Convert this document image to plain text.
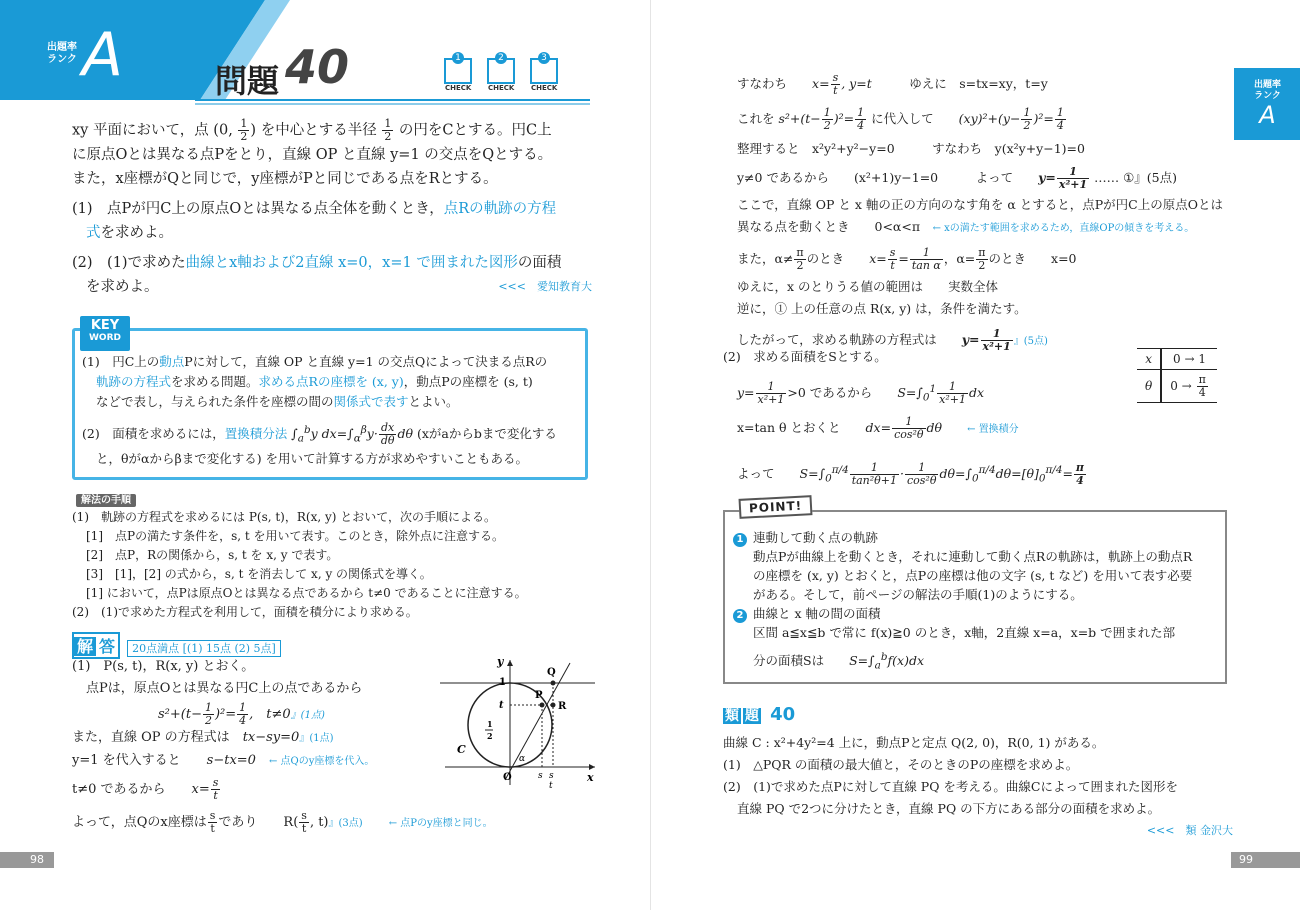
出題率
ランク A	問題 40	1
CHECK
2
CHECK
3
CHECK
xy 平面において，点 (0, $\frac{1}{2}$ ) を中心とする半径 $\frac{1}{2}$ の円をCとする。円C上
に原点Oとは異なる点Pをとり，直線 OP と直線 y=1 の交点をQとする。
また，x座標がQと同じで，y座標がPと同じである点をRとする。
(1)　点Pが円C上の原点Oとは異なる点全体を動くとき，点Rの軌跡の方程
式を求めよ。
(2)　(1)で求めた曲線とx軸および2直線 x=0，x=1 で囲まれた図形の面積
を求めよ。	<<<　愛知教育大
KEY
WORD
(1)　円C上の動点Pに対して，直線 OP と直線 y=1 の交点Qによって決まる点Rの
軌跡の方程式を求める問題。求める点Rの座標を (x, y)，動点Pの座標を (s, t)
などで表し，与えられた条件を座標の間の関係式で表すとよい。
(2)　面積を求めるには，置換積分法 $\int_a^by$ $dx=\int_\alpha^\beta y\cdot \frac{dx}{d\theta}$ dθ (xがaからbまで変化する
と，θがαからβまで変化する) を用いて計算する方が求めやすいこともある。
解法の手順
(1)　軌跡の方程式を求めるには P(s, t)，R(x, y) とおいて，次の手順による。
[1]　点Pの満たす条件を，s, t を用いて表す。このとき，除外点に注意する。
[2]　点P，Rの関係から，s, t を x, y で表す。
[3]　[1]，[2] の式から，s, t を消去して x, y の関係式を導く。
[1] において，点Pは原点Oとは異なる点であるから t≠0 であることに注意する。
(2)　(1)で求めた方程式を利用して，面積を積分により求める。
解 答 20点満点 [(1) 15点 (2) 5点]
(1)　P(s, t)，R(x, y) とおく。
点Pは，原点Oとは異なる円C上の点であるから
$s^2+(t- \frac{1}{2} )^2= \frac{1}{4}$ ,　t≠0』(1点)
また，直線 OP の方程式は　 tx−sy=0』(1点)
y=1 を代入すると　　 s−tx=0　 ← 点Qのy座標を代入。
t≠0 であるから　　 $x= \frac{s}{t}$
よって，点Qのx座標は $\frac{s}{t}$ であり　　$R( \frac{s}{t}$ , t)』(3点)　　	← 点Pのy座標と同じ。
y
x
O
1
t
1
2
C
P
Q
R
α
s s
t
98
出題率
ランク
A
すなわち　　 $x= \frac{s}{t}$ , y=t　　　	ゆえに　s=tx=xy，t=y
これを $s^2+(t- \frac{1}{2} )^2= \frac{1}{4}$ に代入して　　 $(xy)^2+(y- \frac{1}{2} )^2= \frac{1}{4}$
整理すると　x²y²+y²−y=0　　　すなわち　y(x²y+y−1)=0
y≠0 であるから　　(x²+1)y−1=0　　　よって　　 $y= \frac{1}{\text{x²+1}}$ …… ①』(5点)
ここで，直線 OP と x 軸の正の方向のなす角を α とすると，点Pが円C上の原点Oとは
異なる点を動くとき　　0<α<π　 ← xの満たす範囲を求めるため，直線OPの傾きを考える。
また，$\alpha\ne \frac{\pi}{2}$ のとき　　 $x= \frac{s}{t} = \frac{1}{\text{tan α}}$ ，$\alpha= \frac{\pi}{2}$ のとき　　x=0
ゆえに，x のとりうる値の範囲は　　実数全体
逆に，① 上の任意の点 R(x, y) は，条件を満たす。
したがって，求める軌跡の方程式は　　 $y= \frac{1}{\text{x²+1}}$ 』(5点)
(2)　求める面積をSとする。
$y= \frac{1}{\text{x²+1}} >0$ であるから　　 $S=\int_0^1 \frac{1}{\text{x²+1}}$ dx
x=tan θ とおくと　　 $dx= \frac{1}{\text{cos²θ}}$ dθ　　	← 置換積分
よって　　 $S=\int_0^{\pi/4} \frac{1}{\text{tan²θ+1}} \cdot \frac{1}{\text{cos²θ}} d\theta=\int_0^{\pi/4}d\theta=[\theta]_0^{\pi/4}= \frac{\pi}{4}$
x	0 → 1
θ	$0 \to \frac{\pi}{4}$
POINT!
1 連動して動く点の軌跡
動点Pが曲線上を動くとき，それに連動して動く点Rの軌跡は，軌跡上の動点R
の座標を (x, y) とおくと，点Pの座標は他の文字 (s, t など) を用いて表す必要
がある。そして，前ページの解法の手順(1)のようにする。
2 曲線と x 軸の間の面積
区間 a≦x≦b で常に f(x)≧0 のとき，x軸，2直線 x=a，x=b で囲まれた部
分の面積Sは　　 $S=\int_a^bf(x)dx$
類 題 40
曲線 C : x²+4y²=4 上に，動点Pと定点 Q(2, 0)，R(0, 1) がある。
(1)　△PQR の面積の最大値と，そのときのPの座標を求めよ。
(2)　(1)で求めた点Pに対して直線 PQ を考える。曲線Cによって囲まれた図形を
直線 PQ で2つに分けたとき，直線 PQ の下方にある部分の面積を求めよ。
<<<　類 金沢大
99
